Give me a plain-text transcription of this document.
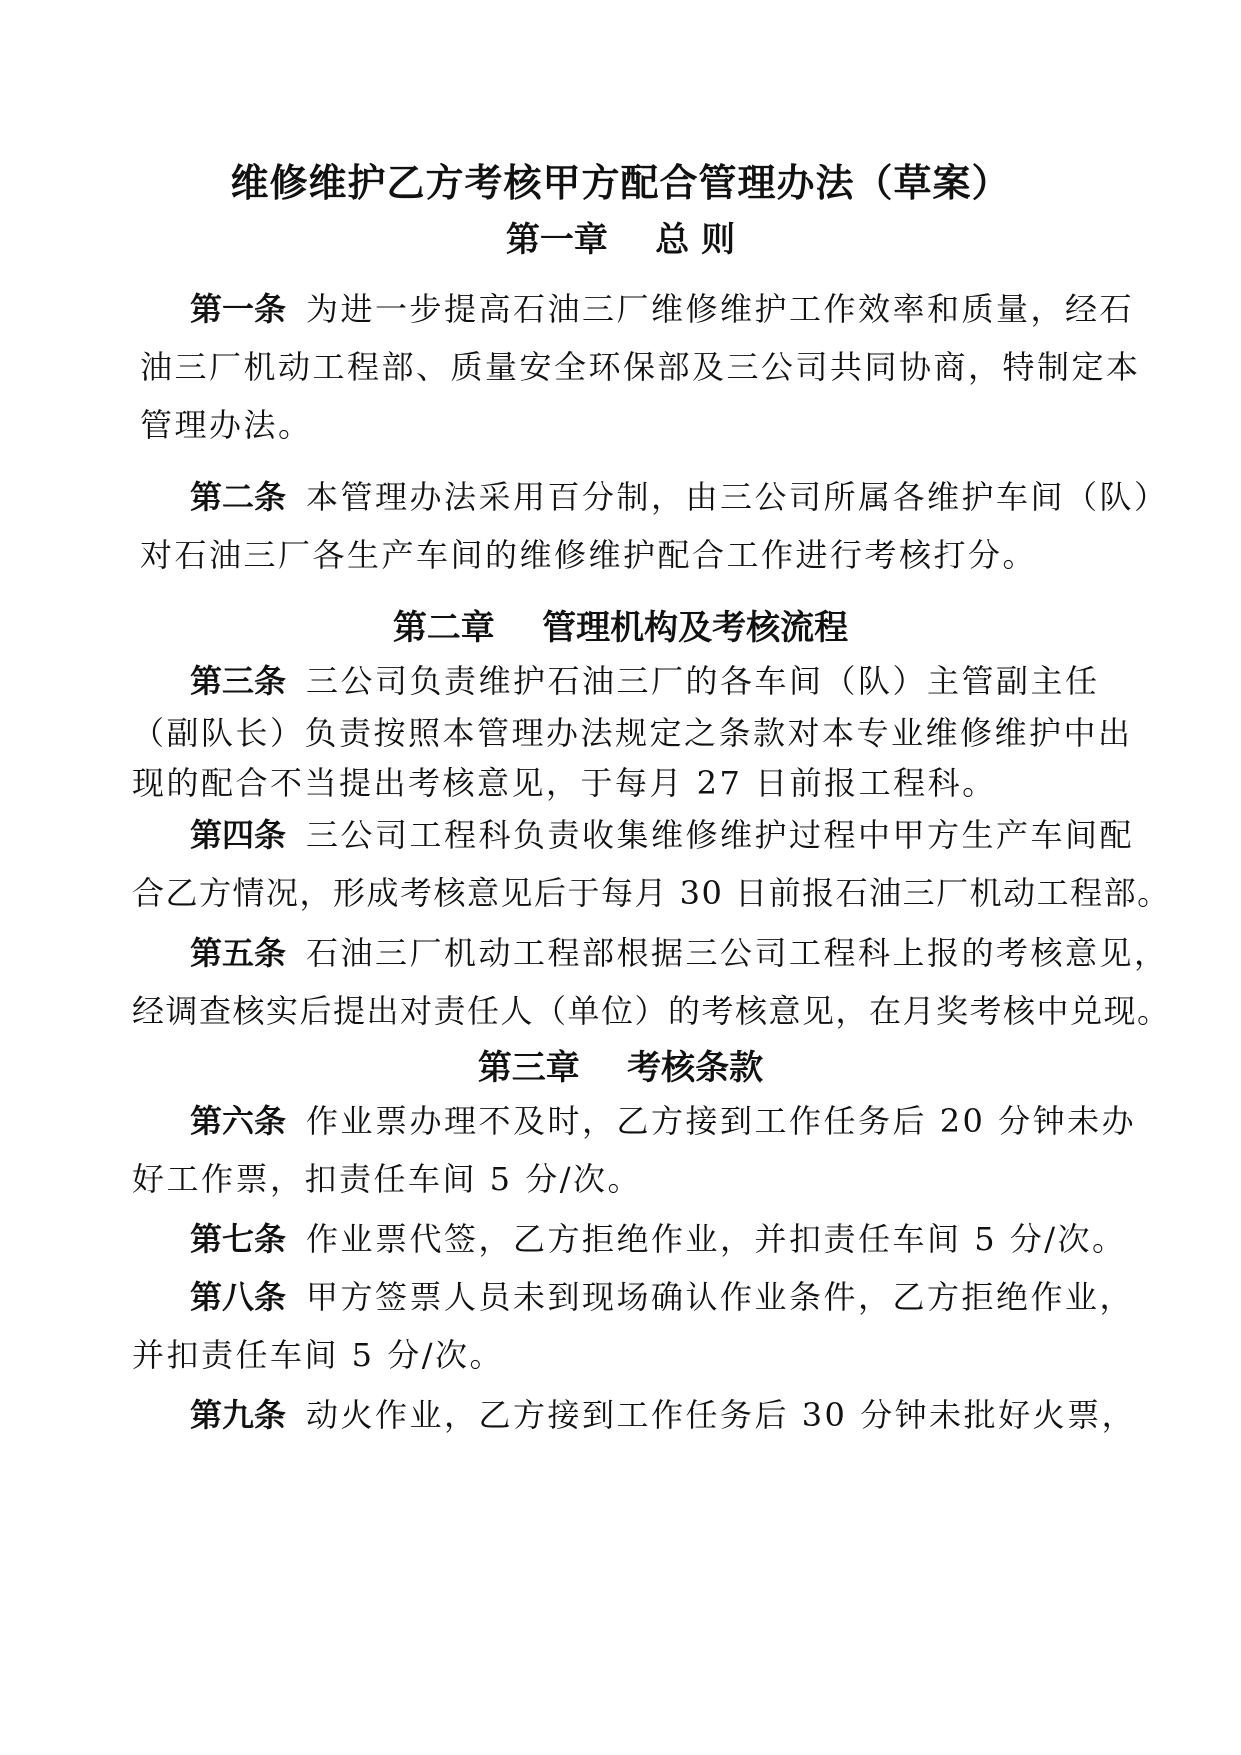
维修维护乙方考核甲方配合管理办法（草案）
第一章    总 则
第一条 为进一步提高石油三厂维修维护工作效率和质量，经石
油三厂机动工程部、质量安全环保部及三公司共同协商，特制定本
管理办法。
第二条 本管理办法采用百分制，由三公司所属各维护车间（队）
对石油三厂各生产车间的维修维护配合工作进行考核打分。
第二章    管理机构及考核流程
第三条 三公司负责维护石油三厂的各车间（队）主管副主任
（副队长）负责按照本管理办法规定之条款对本专业维修维护中出
现的配合不当提出考核意见，于每月 27 日前报工程科。
第四条 三公司工程科负责收集维修维护过程中甲方生产车间配
合乙方情况，形成考核意见后于每月 30 日前报石油三厂机动工程部。
第五条 石油三厂机动工程部根据三公司工程科上报的考核意见，
经调查核实后提出对责任人（单位）的考核意见，在月奖考核中兑现。
第三章    考核条款
第六条 作业票办理不及时，乙方接到工作任务后 20 分钟未办
好工作票，扣责任车间 5 分/次。
第七条 作业票代签，乙方拒绝作业，并扣责任车间 5 分/次。
第八条 甲方签票人员未到现场确认作业条件，乙方拒绝作业，
并扣责任车间 5 分/次。
第九条 动火作业，乙方接到工作任务后 30 分钟未批好火票，
